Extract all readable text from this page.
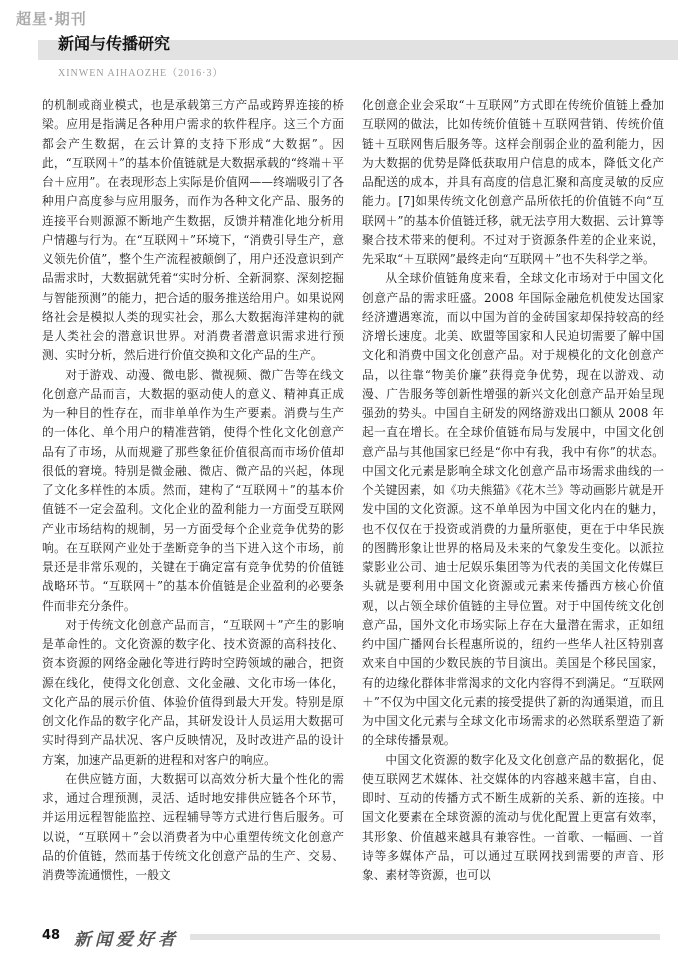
超星·期刊
新闻与传播研究
XINWEN AIHAOZHE（2016·3）

的机制或商业模式，也是承载第三方产品或跨界连接的桥梁。应用是指满足各种用户需求的软件程序。这三个方面都会产生数据，在云计算的支持下形成“大数据”。因此，“互联网＋”的基本价值链就是大数据承载的“终端＋平台＋应用”。在表现形态上实际是价值网——终端吸引了各种用户高度参与应用服务，而作为各种文化产品、服务的连接平台则源源不断地产生数据，反馈并精准化地分析用户情趣与行为。在“互联网＋”环境下，“消费引导生产，意义领先价值”，整个生产流程被颠倒了，用户还没意识到产品需求时，大数据就凭着“实时分析、全新洞察、深刻挖掘与智能预测”的能力，把合适的服务推送给用户。如果说网络社会是模拟人类的现实社会，那么大数据海洋建构的就是人类社会的潜意识世界。对消费者潜意识需求进行预测、实时分析，然后进行价值交换和文化产品的生产。

对于游戏、动漫、微电影、微视频、微广告等在线文化创意产品而言，大数据的驱动使人的意义、精神真正成为一种目的性存在，而非单单作为生产要素。消费与生产的一体化、单个用户的精准营销，使得个性化文化创意产品有了市场，从而规避了那些象征价值很高而市场价值却很低的窘境。特别是微金融、微店、微产品的兴起，体现了文化多样性的本质。然而，建构了“互联网＋”的基本价值链不一定会盈利。文化企业的盈利能力一方面受互联网产业市场结构的规制，另一方面受每个企业竞争优势的影响。在互联网产业处于垄断竞争的当下进入这个市场，前景还是非常乐观的，关键在于确定富有竞争优势的价值链战略环节。“互联网＋”的基本价值链是企业盈利的必要条件而非充分条件。

对于传统文化创意产品而言，“互联网＋”产生的影响是革命性的。文化资源的数字化、技术资源的高科技化、资本资源的网络金融化等进行跨时空跨领域的融合，把资源在线化，使得文化创意、文化金融、文化市场一体化，文化产品的展示价值、体验价值得到最大开发。特别是原创文化作品的数字化产品，其研发设计人员运用大数据可实时得到产品状况、客户反映情况，及时改进产品的设计方案，加速产品更新的进程和对客户的响应。

在供应链方面，大数据可以高效分析大量个性化的需求，通过合理预测，灵活、适时地安排供应链各个环节，并运用远程智能监控、远程辅导等方式进行售后服务。可以说，“互联网＋”会以消费者为中心重塑传统文化创意产品的价值链，然而基于传统文化创意产品的生产、交易、消费等流通惯性，一般文

化创意企业会采取“＋互联网”方式即在传统价值链上叠加互联网的做法，比如传统价值链＋互联网营销、传统价值链＋互联网售后服务等。这样会削弱企业的盈利能力，因为大数据的优势是降低获取用户信息的成本，降低文化产品配送的成本，并具有高度的信息汇聚和高度灵敏的反应能力。[7]如果传统文化创意产品所依托的价值链不向“互联网＋”的基本价值链迁移，就无法亨用大数据、云计算等聚合技术带来的便利。不过对于资源条件差的企业来说，先采取“＋互联网”最终走向“互联网＋”也不失科学之举。

从全球价值链角度来看，全球文化市场对于中国文化创意产品的需求旺盛。2008 年国际金融危机使发达国家经济遭遇寒流，而以中国为首的金砖国家却保持较高的经济增长速度。北美、欧盟等国家和人民迫切需要了解中国文化和消费中国文化创意产品。对于规模化的文化创意产品，以往靠“物美价廉”获得竞争优势，现在以游戏、动漫、广告服务等创新性增强的新兴文化创意产品开始呈现强劲的势头。中国自主研发的网络游戏出口额从 2008 年起一直在增长。在全球价值链布局与发展中，中国文化创意产品与其他国家已经是“你中有我，我中有你”的状态。中国文化元素是影响全球文化创意产品市场需求曲线的一个关键因素，如《功夫熊猫》《花木兰》等动画影片就是开发中国的文化资源。这不单单因为中国文化内在的魅力，也不仅仅在于投资或消费的力量所驱使，更在于中华民族的图腾形象让世界的格局及未来的气象发生变化。以派拉蒙影业公司、迪士尼娱乐集团等为代表的美国文化传媒巨头就是要利用中国文化资源或元素来传播西方核心价值观，以占领全球价值链的主导位置。对于中国传统文化创意产品，国外文化市场实际上存在大量潜在需求，正如纽约中国广播网台长程惠所说的，纽约一些华人社区特别喜欢来自中国的少数民族的节目演出。美国是个移民国家，有的边缘化群体非常渴求的文化内容得不到满足。“互联网＋”不仅为中国文化元素的接受提供了新的沟通渠道，而且为中国文化元素与全球文化市场需求的必然联系塑造了新的全球传播景观。

中国文化资源的数字化及文化创意产品的数据化，促使互联网艺术媒体、社交媒体的内容越来越丰富，自由、即时、互动的传播方式不断生成新的关系、新的连接。中国文化要素在全球资源的流动与优化配置上更富有效率，其形象、价值越来越具有兼容性。一首歌、一幅画、一首诗等多媒体产品，可以通过互联网找到需要的声音、形象、素材等资源，也可以

48 新闻爱好者
